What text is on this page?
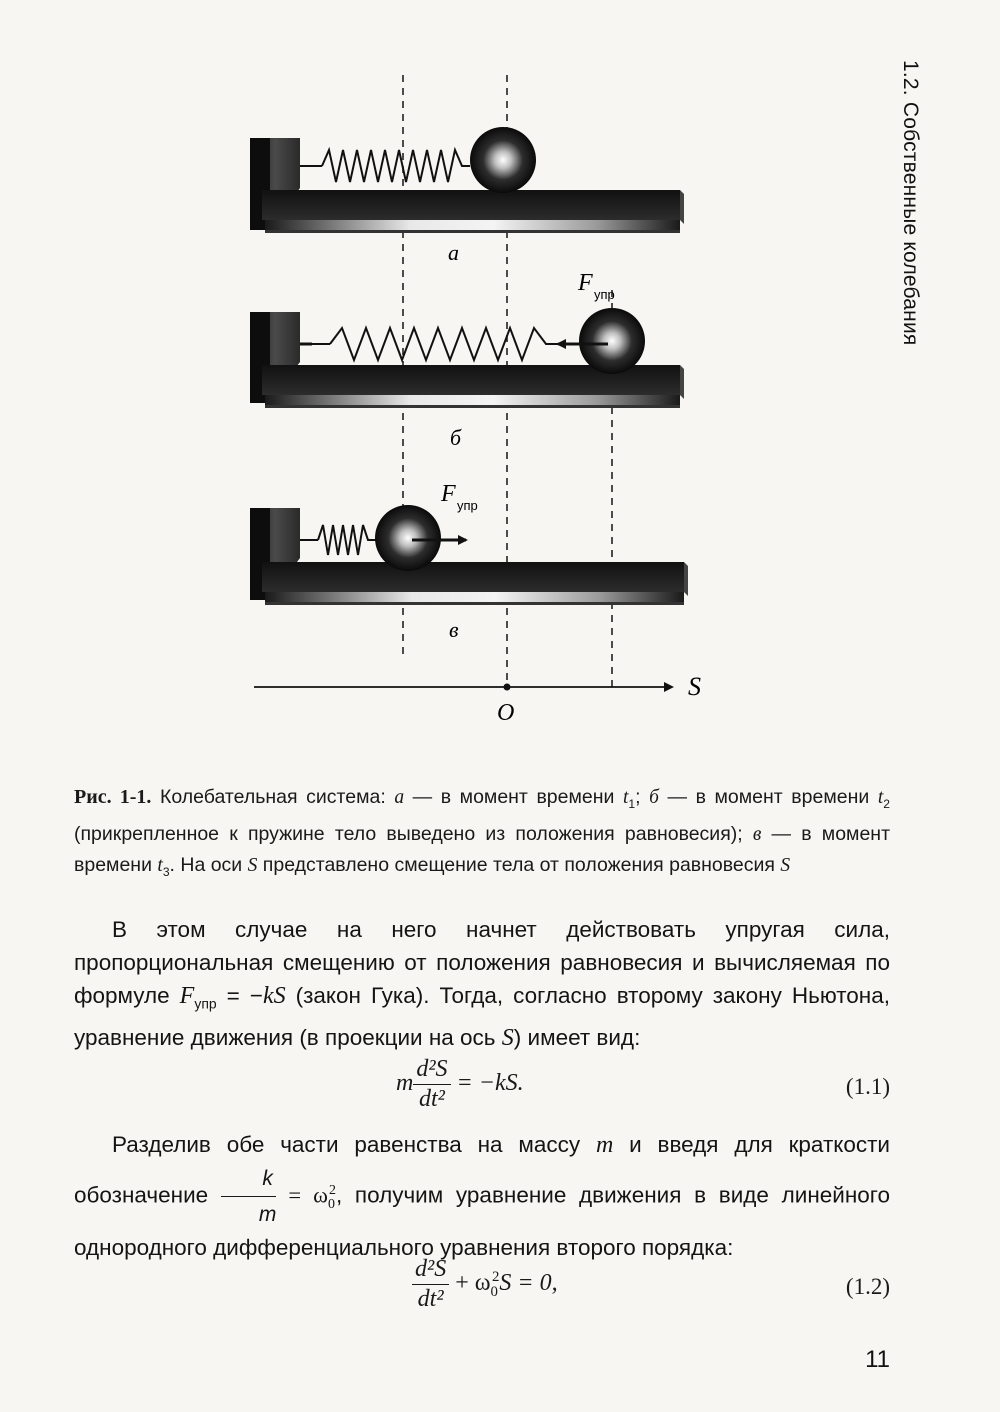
1.2. Собственные колебания

а
F упр
б
F упр
в
S
O
Рис. 1-1. Колебательная система: а — в момент времени $t_1$; б — в момент времени $t_2$ (прикрепленное к пружине тело выведено из положения равновесия); в — в момент времени $t_3$. На оси S представлено смещение тела от положения равновесия S
В этом случае на него начнет действовать упругая сила, пропорциональная смещению от положения равновесия и вычисляемая по формуле $F_{упр} = -kS$ (закон Гука). Тогда, согласно второму закону Ньютона, уравнение движения (в проекции на ось S) имеет вид:
m $\frac{\text{d²S}}{\text{dt²}} = -kS$.	(1.1)
Разделив обе части равенства на массу m и введя для краткости обозначение $\frac{k}{m} = \omega_0^2$, получим уравнение движения в виде линейного однородного дифференциального уравнения второго порядка:
$\frac{\text{d²S}}{\text{dt²}} + \omega_0^2S = 0$,	(1.2)
11
